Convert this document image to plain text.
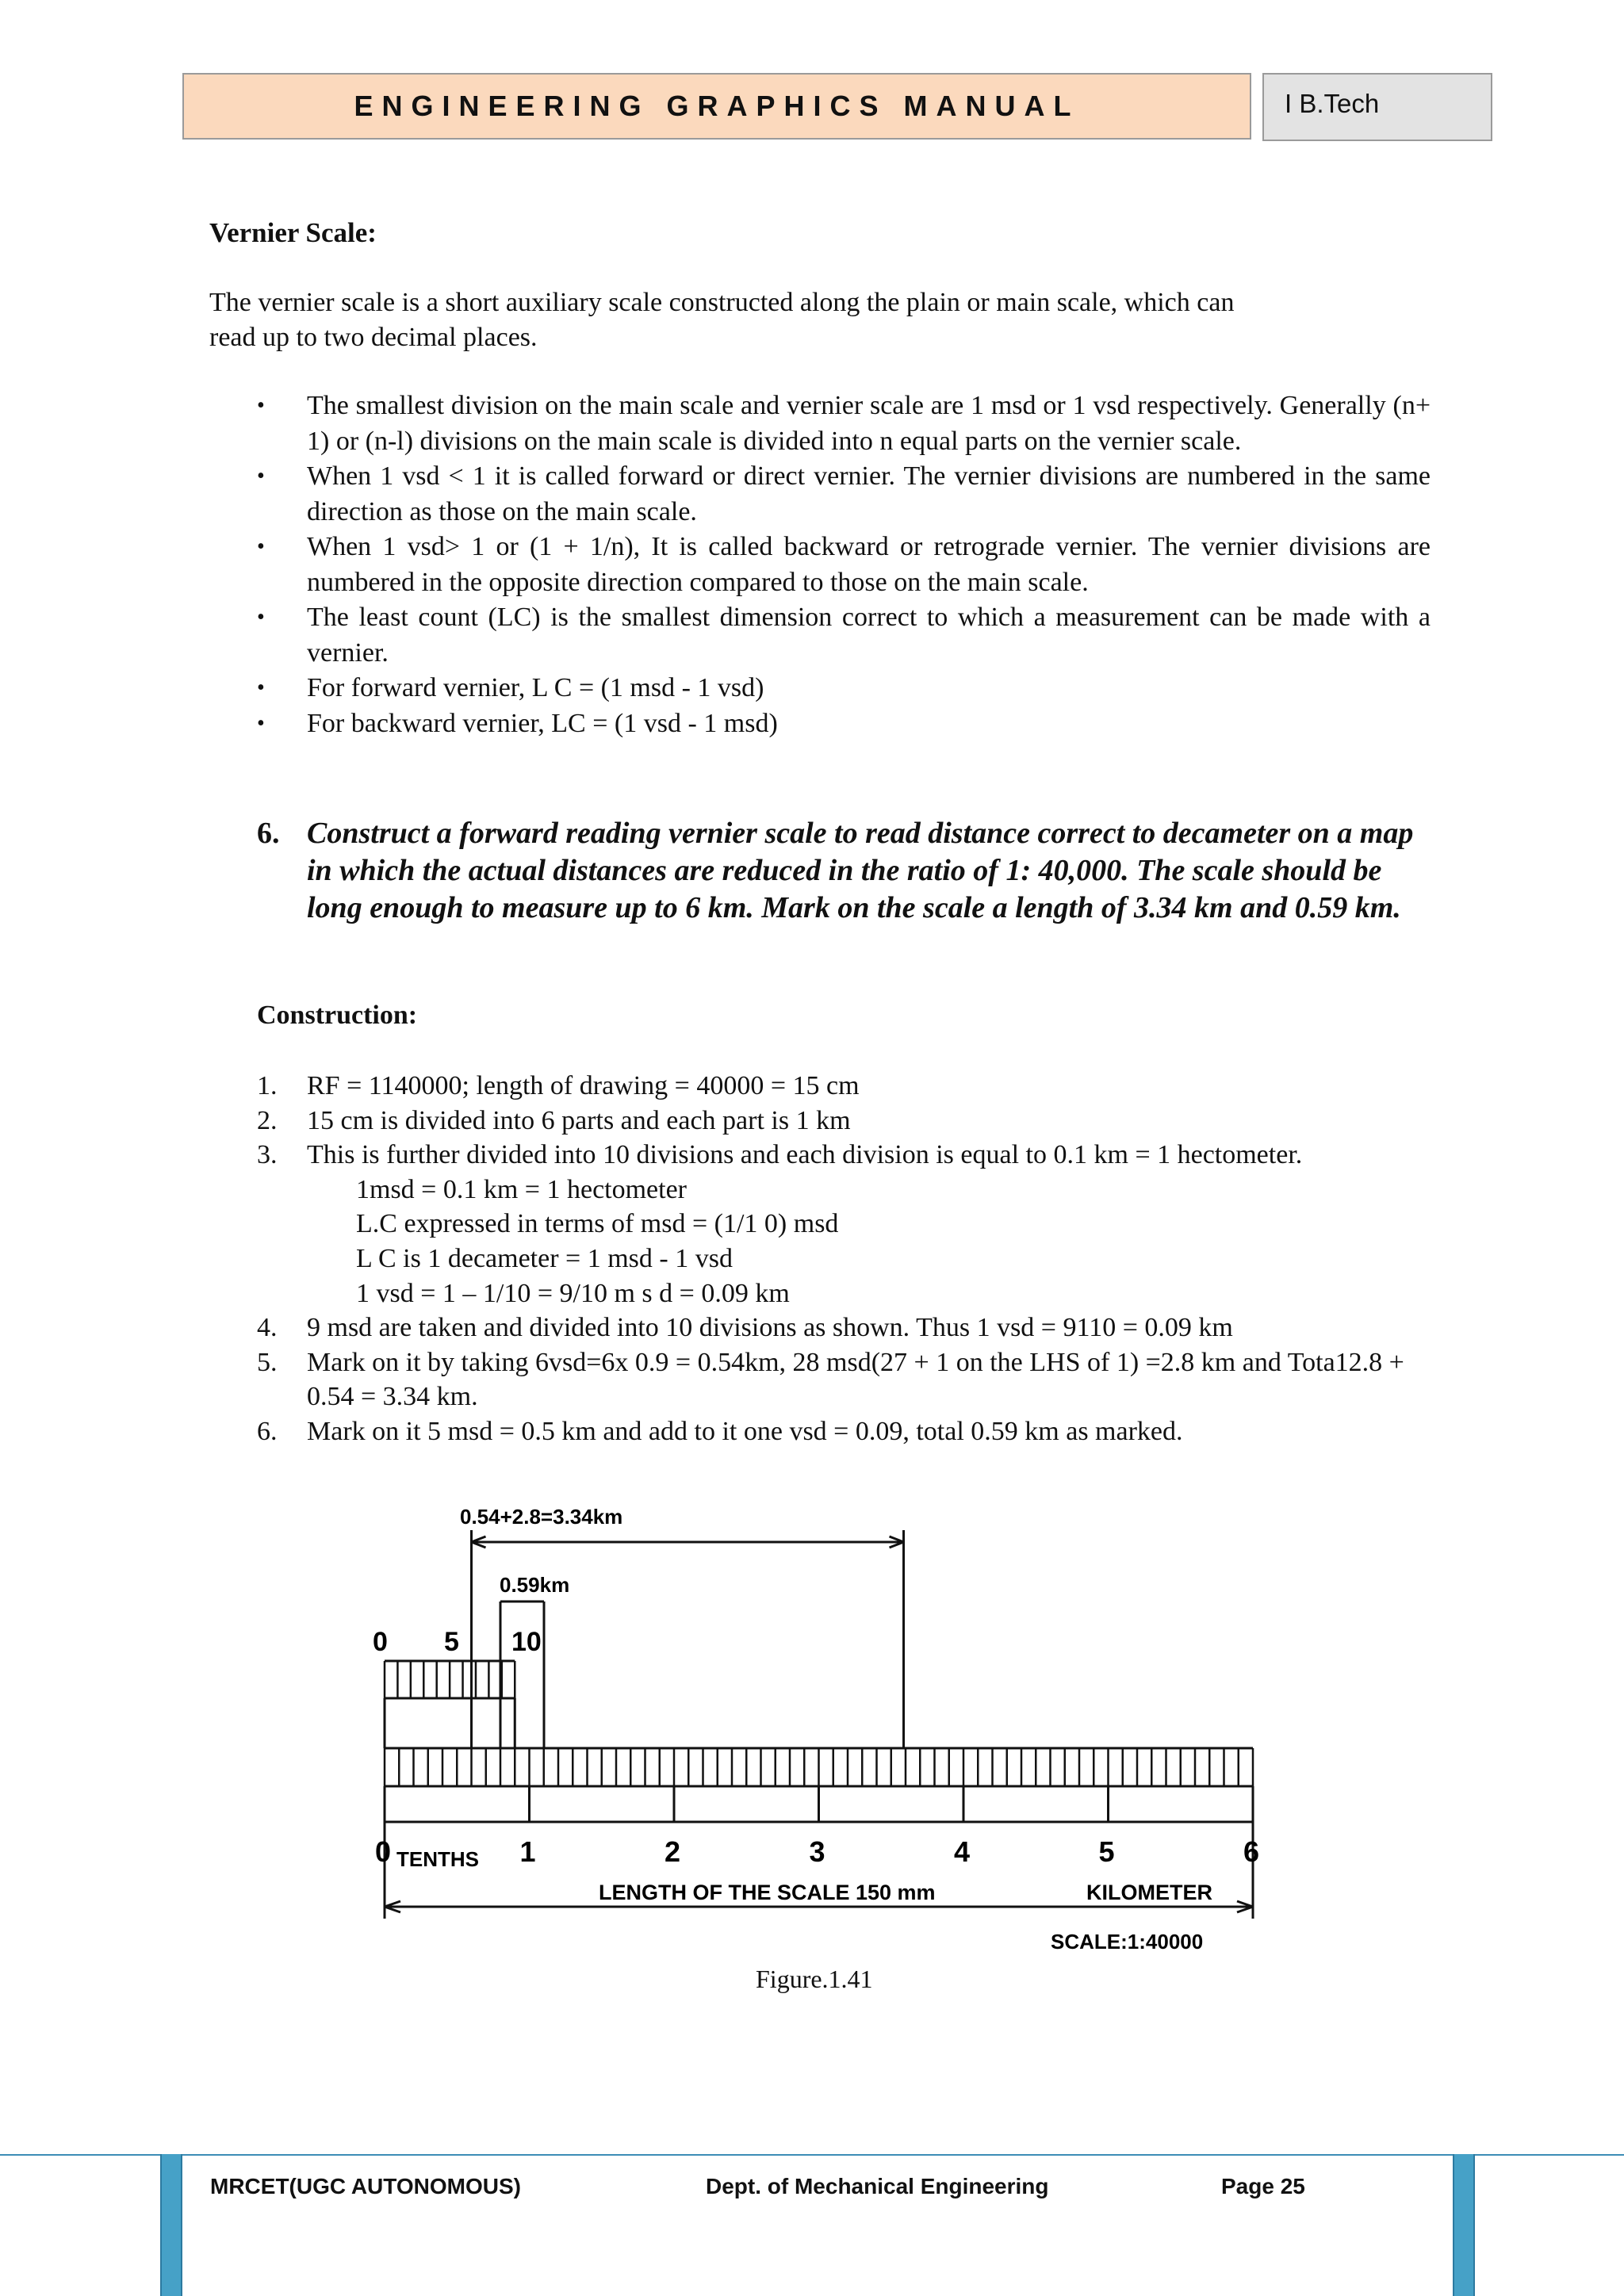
ENGINEERING GRAPHICS MANUAL	I B.Tech
Vernier Scale:
The vernier scale is a short auxiliary scale constructed along the plain or main scale, which can
read up to two decimal places.
• The smallest division on the main scale and vernier scale are 1 msd or 1 vsd respectively. Generally (n+ 1) or (n-l) divisions on the main scale is divided into n equal parts on the vernier scale.
• When 1 vsd < 1 it is called forward or direct vernier. The vernier divisions are numbered in the same direction as those on the main scale.
• When 1 vsd> 1 or (1 + 1/n), It is called backward or retrograde vernier. The vernier divisions are numbered in the opposite direction compared to those on the main scale.
• The least count (LC) is the smallest dimension correct to which a measurement can be made with a vernier.
• For forward vernier, L C = (1 msd - 1 vsd)
• For backward vernier, LC = (1 vsd - 1 msd)
6. Construct a forward reading vernier scale to read distance correct to decameter on a map in which the actual distances are reduced in the ratio of 1: 40,000. The scale should be long enough to measure up to 6 km. Mark on the scale a length of 3.34 km and 0.59 km.
Construction:
1. RF = 1140000; length of drawing = 40000 = 15 cm
2. 15 cm is divided into 6 parts and each part is 1 km
3. This is further divided into 10 divisions and each division is equal to 0.1 km = 1 hectometer.
1msd = 0.1 km = 1 hectometer
L.C expressed in terms of msd = (1/1 0) msd
L C is 1 decameter = 1 msd - 1 vsd
1 vsd = 1 – 1/10 = 9/10 m s d = 0.09 km
4. 9 msd are taken and divided into 10 divisions as shown. Thus 1 vsd = 9110 = 0.09 km
5. Mark on it by taking 6vsd=6x 0.9 = 0.54km, 28 msd(27 + 1 on the LHS of 1) =2.8 km and Tota12.8 + 0.54 = 3.34 km.
6. Mark on it 5 msd = 0.5 km and add to it one vsd = 0.09, total 0.59 km as marked.
0.54+2.8=3.34km
0.59km
0 5 10
0	1	2	3	4	5	6
TENTHS
LENGTH OF THE SCALE 150 mm	KILOMETER
SCALE:1:40000
Figure.1.41
MRCET(UGC AUTONOMOUS)	Dept. of Mechanical Engineering	Page 25
